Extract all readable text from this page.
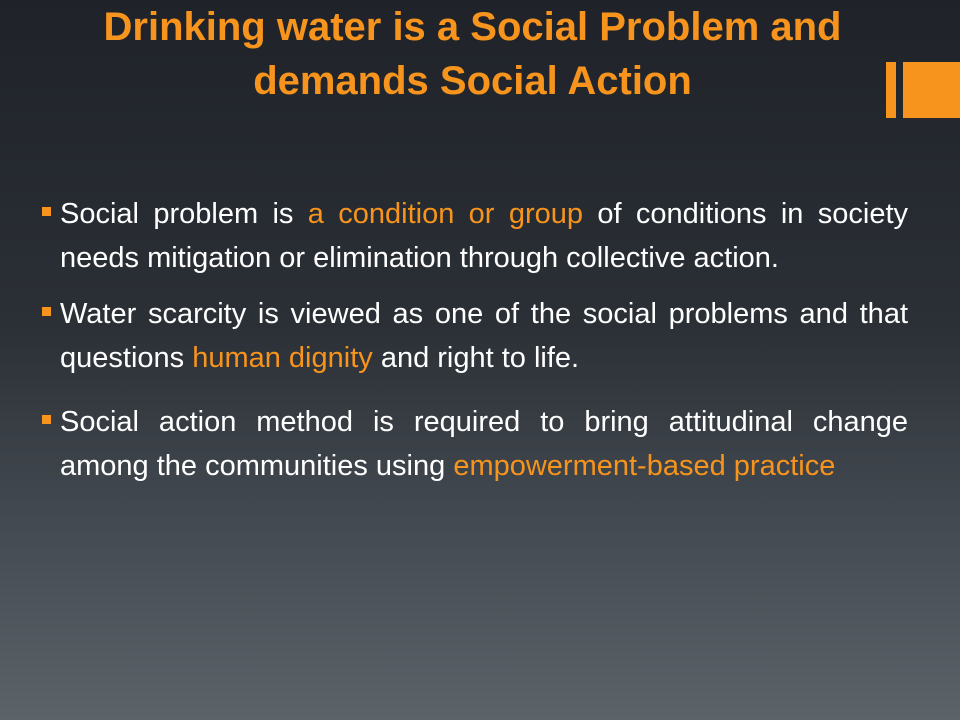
Drinking water is a Social Problem and demands Social Action
Social problem is a condition or group of conditions in society needs mitigation or elimination through collective action.
Water scarcity is viewed as one of the social problems and that questions human dignity and right to life.
Social action method is required to bring attitudinal change among the communities using empowerment-based practice
